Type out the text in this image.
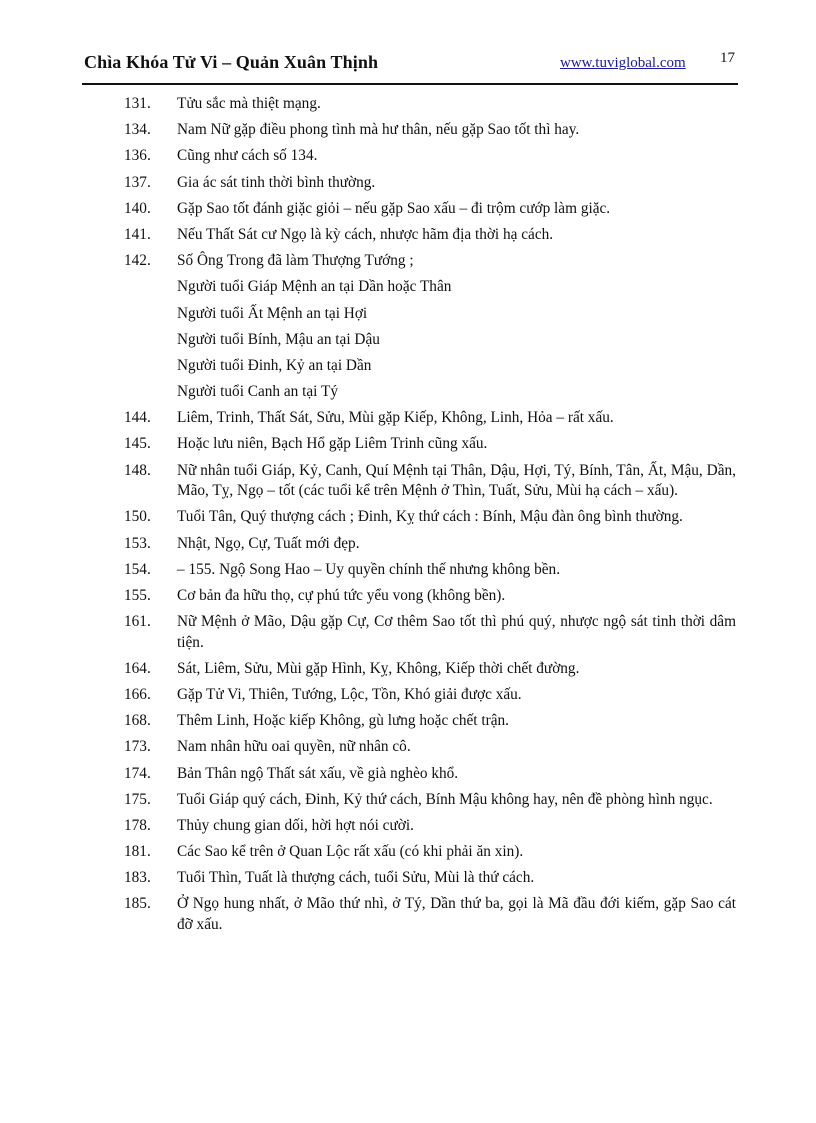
Chìa Khóa Tử Vi – Quản Xuân Thịnh	www.tuviglobal.com 17
131.	Tửu sắc mà thiệt mạng.
134.	Nam Nữ gặp điều phong tình mà hư thân, nếu gặp Sao tốt thì hay.
136.	Cũng như cách số 134.
137.	Gia ác sát tinh thời bình thường.
140.	Gặp Sao tốt đánh giặc giỏi – nếu gặp Sao xấu – đi trộm cướp làm giặc.
141.	Nếu Thất Sát cư Ngọ là kỳ cách, nhược hãm địa thời hạ cách.
142.	Số Ông Trong đã làm Thượng Tướng ;
Người tuổi Giáp Mệnh an tại Dần hoặc Thân
Người tuổi Ất Mệnh an tại Hợi
Người tuổi Bính, Mậu an tại Dậu
Người tuổi Đinh, Kỷ an tại Dần
Người tuổi Canh an tại Tý
144.	Liêm, Trinh, Thất Sát, Sửu, Mùi gặp Kiếp, Không, Linh, Hỏa – rất xấu.
145.	Hoặc lưu niên, Bạch Hổ gặp Liêm Trinh cũng xấu.
148.	Nữ nhân tuổi Giáp, Kỷ, Canh, Quí Mệnh tại Thân, Dậu, Hợi, Tý, Bính, Tân, Ất, Mậu, Dần, Mão, Tỵ, Ngọ – tốt (các tuổi kể trên Mệnh ở Thìn, Tuất, Sửu, Mùi hạ cách – xấu).
150.	Tuổi Tân, Quý thượng cách ; Đinh, Kỵ thứ cách : Bính, Mậu đàn ông bình thường.
153.	Nhật, Ngọ, Cự, Tuất mới đẹp.
154.	– 155. Ngộ Song Hao – Uy quyền chính thế nhưng không bền.
155.	Cơ bản đa hữu thọ, cự phú tức yểu vong (không bền).
161.	Nữ Mệnh ở Mão, Dậu gặp Cự, Cơ thêm Sao tốt thì phú quý, nhược ngộ sát tinh thời dâm tiện.
164.	Sát, Liêm, Sửu, Mùi gặp Hình, Kỵ, Không, Kiếp thời chết đường.
166.	Gặp Tử Vi, Thiên, Tướng, Lộc, Tồn, Khó giải được xấu.
168.	Thêm Linh, Hoặc kiếp Không, gù lưng hoặc chết trận.
173.	Nam nhân hữu oai quyền, nữ nhân cô.
174.	Bản Thân ngộ Thất sát xấu, về già nghèo khổ.
175.	Tuổi Giáp quý cách, Đinh, Kỷ thứ cách, Bính Mậu không hay, nên đề phòng hình ngục.
178.	Thủy chung gian dối, hời hợt nói cười.
181.	Các Sao kể trên ở Quan Lộc rất xấu (có khi phải ăn xin).
183.	Tuổi Thìn, Tuất là thượng cách, tuổi Sửu, Mùi là thứ cách.
185.	Ở Ngọ hung nhất, ở Mão thứ nhì, ở Tý, Dần thứ ba, gọi là Mã đầu đới kiếm, gặp Sao cát đỡ xấu.
